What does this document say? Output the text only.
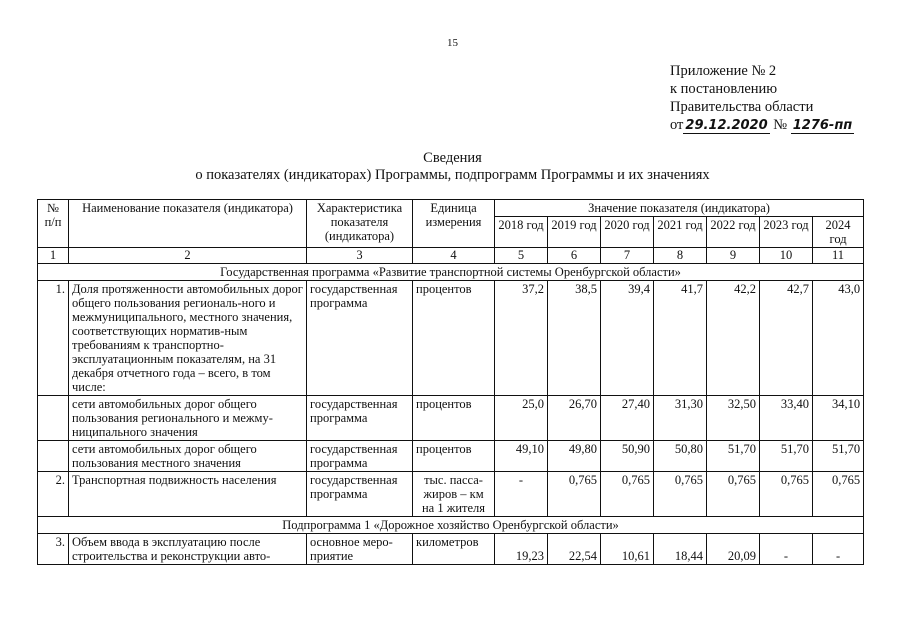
15
Приложение № 2
к постановлению
Правительства области
от 29.12.2020 № 1276-пп
Сведения
о показателях (индикаторах) Программы, подпрограмм Программы и их значениях
№ п/п	Наименование показателя (индикатора)	Характеристика показателя (индикатора)	Единица измерения	Значение показателя (индикатора)						
				2018 год	2019 год	2020 год	2021 год	2022 год	2023 год	2024 год
1	2	3	4	5	6	7	8	9	10	11
Государственная программа «Развитие транспортной системы Оренбургской области»										
1.	Доля протяженности автомобильных дорог общего пользования региональ-ного и межмуниципального, местного значения, соответствующих норматив-ным требованиям к транспортно-эксплуатационным показателям, на 31 декабря отчетного года – всего, в том числе:	государственная программа	процентов	37,2	38,5	39,4	41,7	42,2	42,7	43,0
	сети автомобильных дорог общего пользования регионального и межму-ниципального значения	государственная программа	процентов	25,0	26,70	27,40	31,30	32,50	33,40	34,10
	сети автомобильных дорог общего пользования местного значения	государственная программа	процентов	49,10	49,80	50,90	50,80	51,70	51,70	51,70
2.	Транспортная подвижность населения	государственная программа	тыс. пасса-жиров – км на 1 жителя	-	0,765	0,765	0,765	0,765	0,765	0,765
Подпрограмма 1 «Дорожное хозяйство Оренбургской области»										
3.	Объем ввода в эксплуатацию после строительства и реконструкции авто-	основное меро-приятие	километров	19,23	22,54	10,61	18,44	20,09	-	-
